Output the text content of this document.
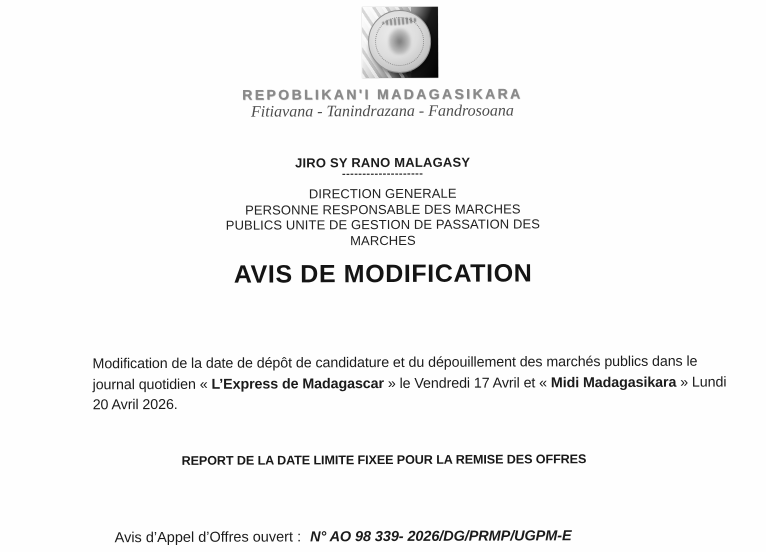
REPOBLIKAN'I MADAGASIKARA
Fitiavana - Tanindrazana - Fandrosoana
JIRO SY RANO MALAGASY
--------------------
DIRECTION GENERALE
PERSONNE RESPONSABLE DES MARCHES
PUBLICS UNITE DE GESTION DE PASSATION DES
MARCHES
AVIS DE MODIFICATION
Modification de la date de dépôt de candidature et du dépouillement des marchés publics dans le
journal quotidien « L’Express de Madagascar » le Vendredi 17 Avril et « Midi Madagasikara » Lundi
20 Avril 2026.
REPORT DE LA DATE LIMITE FIXEE POUR LA REMISE DES OFFRES

Avis d’Appel d’Offres ouvert : N° AO 98 339- 2026/DG/PRMP/UGPM-E
